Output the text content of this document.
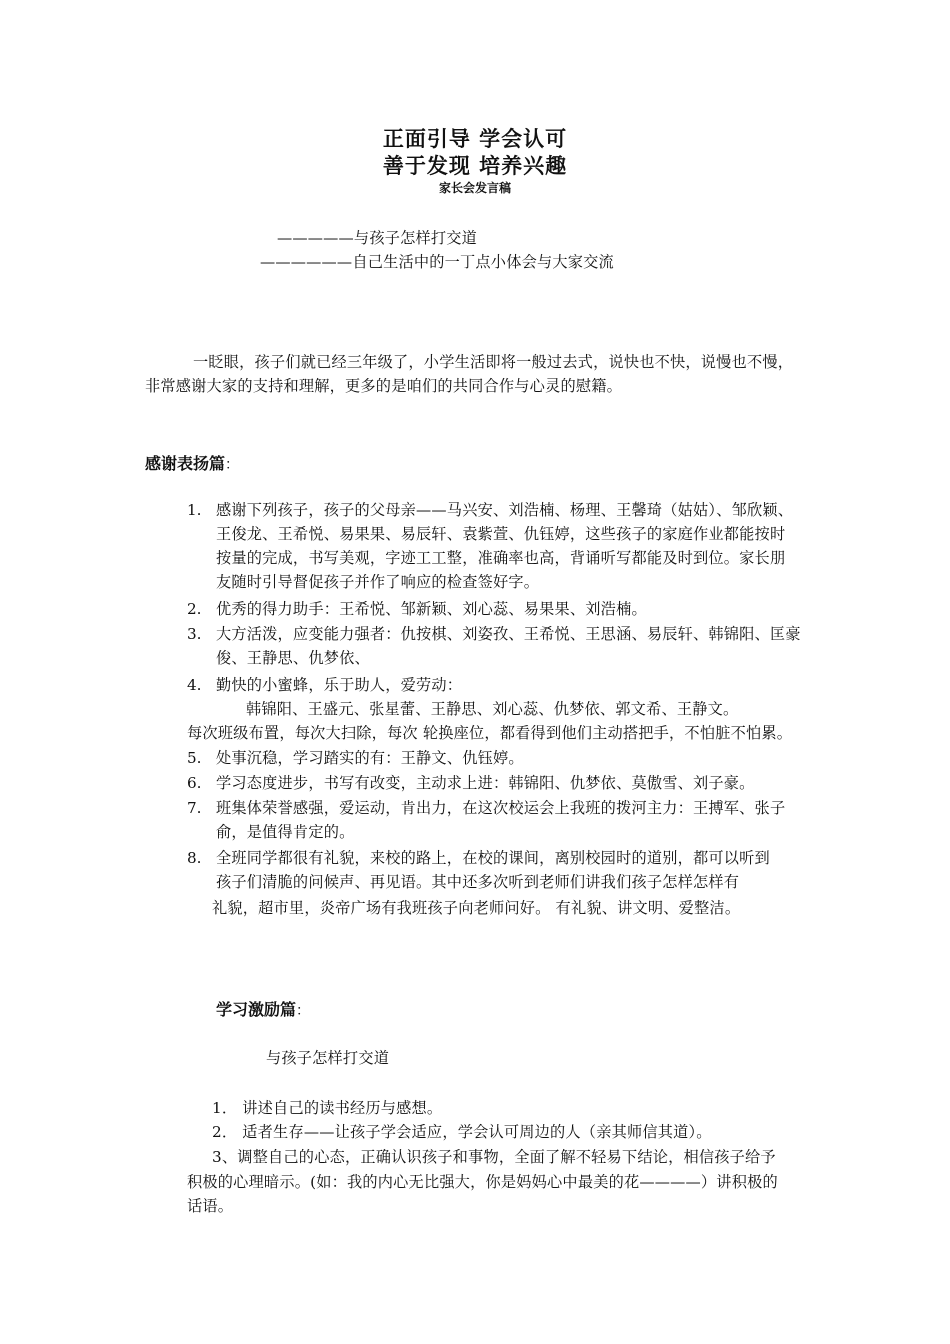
正面引导 学会认可
善于发现 培养兴趣
家长会发言稿
—————与孩子怎样打交道
——————自己生活中的一丁点小体会与大家交流
一眨眼，孩子们就已经三年级了，小学生活即将一般过去式，说快也不快，说慢也不慢，
非常感谢大家的支持和理解，更多的是咱们的共同合作与心灵的慰籍。
感谢表扬篇：
1. 感谢下列孩子，孩子的父母亲——马兴安、刘浩楠、杨理、王馨琦（姑姑）、邹欣颖、
王俊龙、王希悦、易果果、易辰轩、袁紫萱、仇钰婷，这些孩子的家庭作业都能按时
按量的完成，书写美观，字迹工工整，准确率也高，背诵听写都能及时到位。家长朋
友随时引导督促孩子并作了响应的检查签好字。
2. 优秀的得力助手：王希悦、邹新颖、刘心蕊、易果果、刘浩楠。
3. 大方活泼，应变能力强者：仇按棋、刘姿孜、王希悦、王思涵、易辰轩、韩锦阳、匡豪
俊、王静思、仇梦依、
4. 勤快的小蜜蜂，乐于助人，爱劳动：
韩锦阳、王盛元、张星蕾、王静思、刘心蕊、仇梦依、郭文希、王静文。
每次班级布置，每次大扫除，每次 轮换座位，都看得到他们主动搭把手，不怕脏不怕累。
5. 处事沉稳，学习踏实的有：王静文、仇钰婷。
6. 学习态度进步，书写有改变，主动求上进：韩锦阳、仇梦依、莫傲雪、刘子豪。
7. 班集体荣誉感强，爱运动，肯出力，在这次校运会上我班的拨河主力：王搏军、张子
俞，是值得肯定的。
8. 全班同学都很有礼貌，来校的路上，在校的课间，离别校园时的道别，都可以听到
孩子们清脆的问候声、再见语。其中还多次听到老师们讲我们孩子怎样怎样有
礼貌，超市里，炎帝广场有我班孩子向老师问好。 有礼貌、讲文明、爱整洁。
学习激励篇：
与孩子怎样打交道
1． 讲述自己的读书经历与感想。
2． 适者生存——让孩子学会适应，学会认可周边的人（亲其师信其道）。
3、调整自己的心态，正确认识孩子和事物，全面了解不轻易下结论，相信孩子给予
积极的心理暗示。(如：我的内心无比强大，你是妈妈心中最美的花————）讲积极的
话语。
